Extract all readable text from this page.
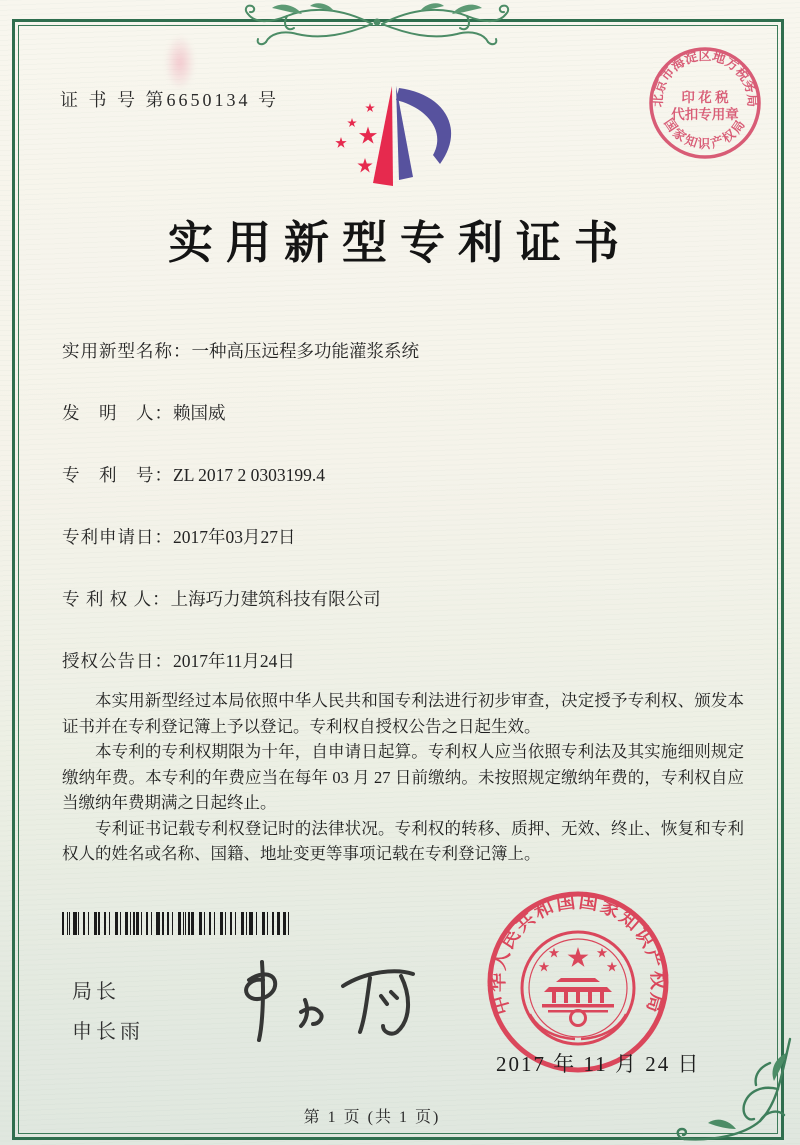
证 书 号 第6650134 号	北京市海淀区地方税务局
国家知识产权局
印 花 税
代扣专用章
实用新型专利证书
实用新型名称：一种高压远程多功能灌浆系统
发　明　人：赖国威
专　利　号：ZL 2017 2 0303199.4
专利申请日：2017年03月27日
专 利 权 人：上海巧力建筑科技有限公司
授权公告日：2017年11月24日

本实用新型经过本局依照中华人民共和国专利法进行初步审查，决定授予专利权、颁发本证书并在专利登记簿上予以登记。专利权自授权公告之日起生效。

本专利的专利权期限为十年，自申请日起算。专利权人应当依照专利法及其实施细则规定缴纳年费。本专利的年费应当在每年 03 月 27 日前缴纳。未按照规定缴纳年费的，专利权自应当缴纳年费期满之日起终止。

专利证书记载专利权登记时的法律状况。专利权的转移、质押、无效、终止、恢复和专利权人的姓名或名称、国籍、地址变更等事项记载在专利登记簿上。

局长
申长雨
中华人民共和国国家知识产权局
2017 年 11 月 24 日
第 1 页 (共 1 页)
